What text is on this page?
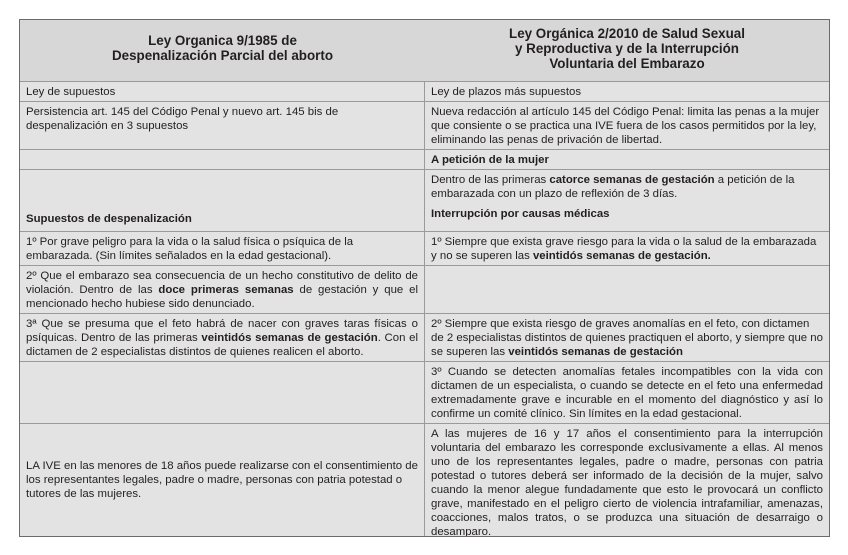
Ley Organica 9/1985 de
Despenalización Parcial del aborto
Ley Orgánica 2/2010 de Salud Sexual
y Reproductiva y de la Interrupción
Voluntaria del Embarazo
Ley de supuestos	Ley de plazos más supuestos
Persistencia art. 145 del Código Penal y nuevo art. 145 bis de despenalización en 3 supuestos
Nueva redacción al artículo 145 del Código Penal: limita las penas a la mujer que consiente o se practica una IVE fuera de los casos permitidos por la ley, eliminando las penas de privación de libertad.
A petición de la mujer
Supuestos de despenalización
Dentro de las primeras catorce semanas de gestación a petición de la embarazada con un plazo de reflexión de 3 días.
Interrupción por causas médicas
1º Por grave peligro para la vida o la salud física o psíquica de la embarazada. (Sin límites señalados en la edad gestacional).
1º Siempre que exista grave riesgo para la vida o la salud de la embarazada y no se superen las veintidós semanas de gestación.
2º Que el embarazo sea consecuencia de un hecho constitutivo de delito de violación. Dentro de las doce primeras semanas de gestación y que el mencionado hecho hubiese sido denunciado.
3ª Que se presuma que el feto habrá de nacer con graves taras físicas o psíquicas. Dentro de las primeras veintidós semanas de gestación. Con el dictamen de 2 especialistas distintos de quienes realicen el aborto.
2º Siempre que exista riesgo de graves anomalías en el feto, con dictamen de 2 especialistas distintos de quienes practiquen el aborto, y siempre que no se superen las veintidós semanas de gestación
3º Cuando se detecten anomalías fetales incompatibles con la vida con dictamen de un especialista, o cuando se detecte en el feto una enfermedad extremadamente grave e incurable en el momento del diagnóstico y así lo confirme un comité clínico. Sin límites en la edad gestacional.
LA IVE en las menores de 18 años puede realizarse con el consentimiento de los representantes legales, padre o madre, personas con patria potestad o tutores de las mujeres.
A las mujeres de 16 y 17 años el consentimiento para la interrupción voluntaria del embarazo les corresponde exclusivamente a ellas. Al menos uno de los representantes legales, padre o madre, personas con patria potestad o tutores deberá ser informado de la decisión de la mujer, salvo cuando la menor alegue fundadamente que esto le provocará un conflicto grave, manifestado en el peligro cierto de violencia intrafamiliar, amenazas, coacciones, malos tratos, o se produzca una situación de desarraigo o desamparo.
